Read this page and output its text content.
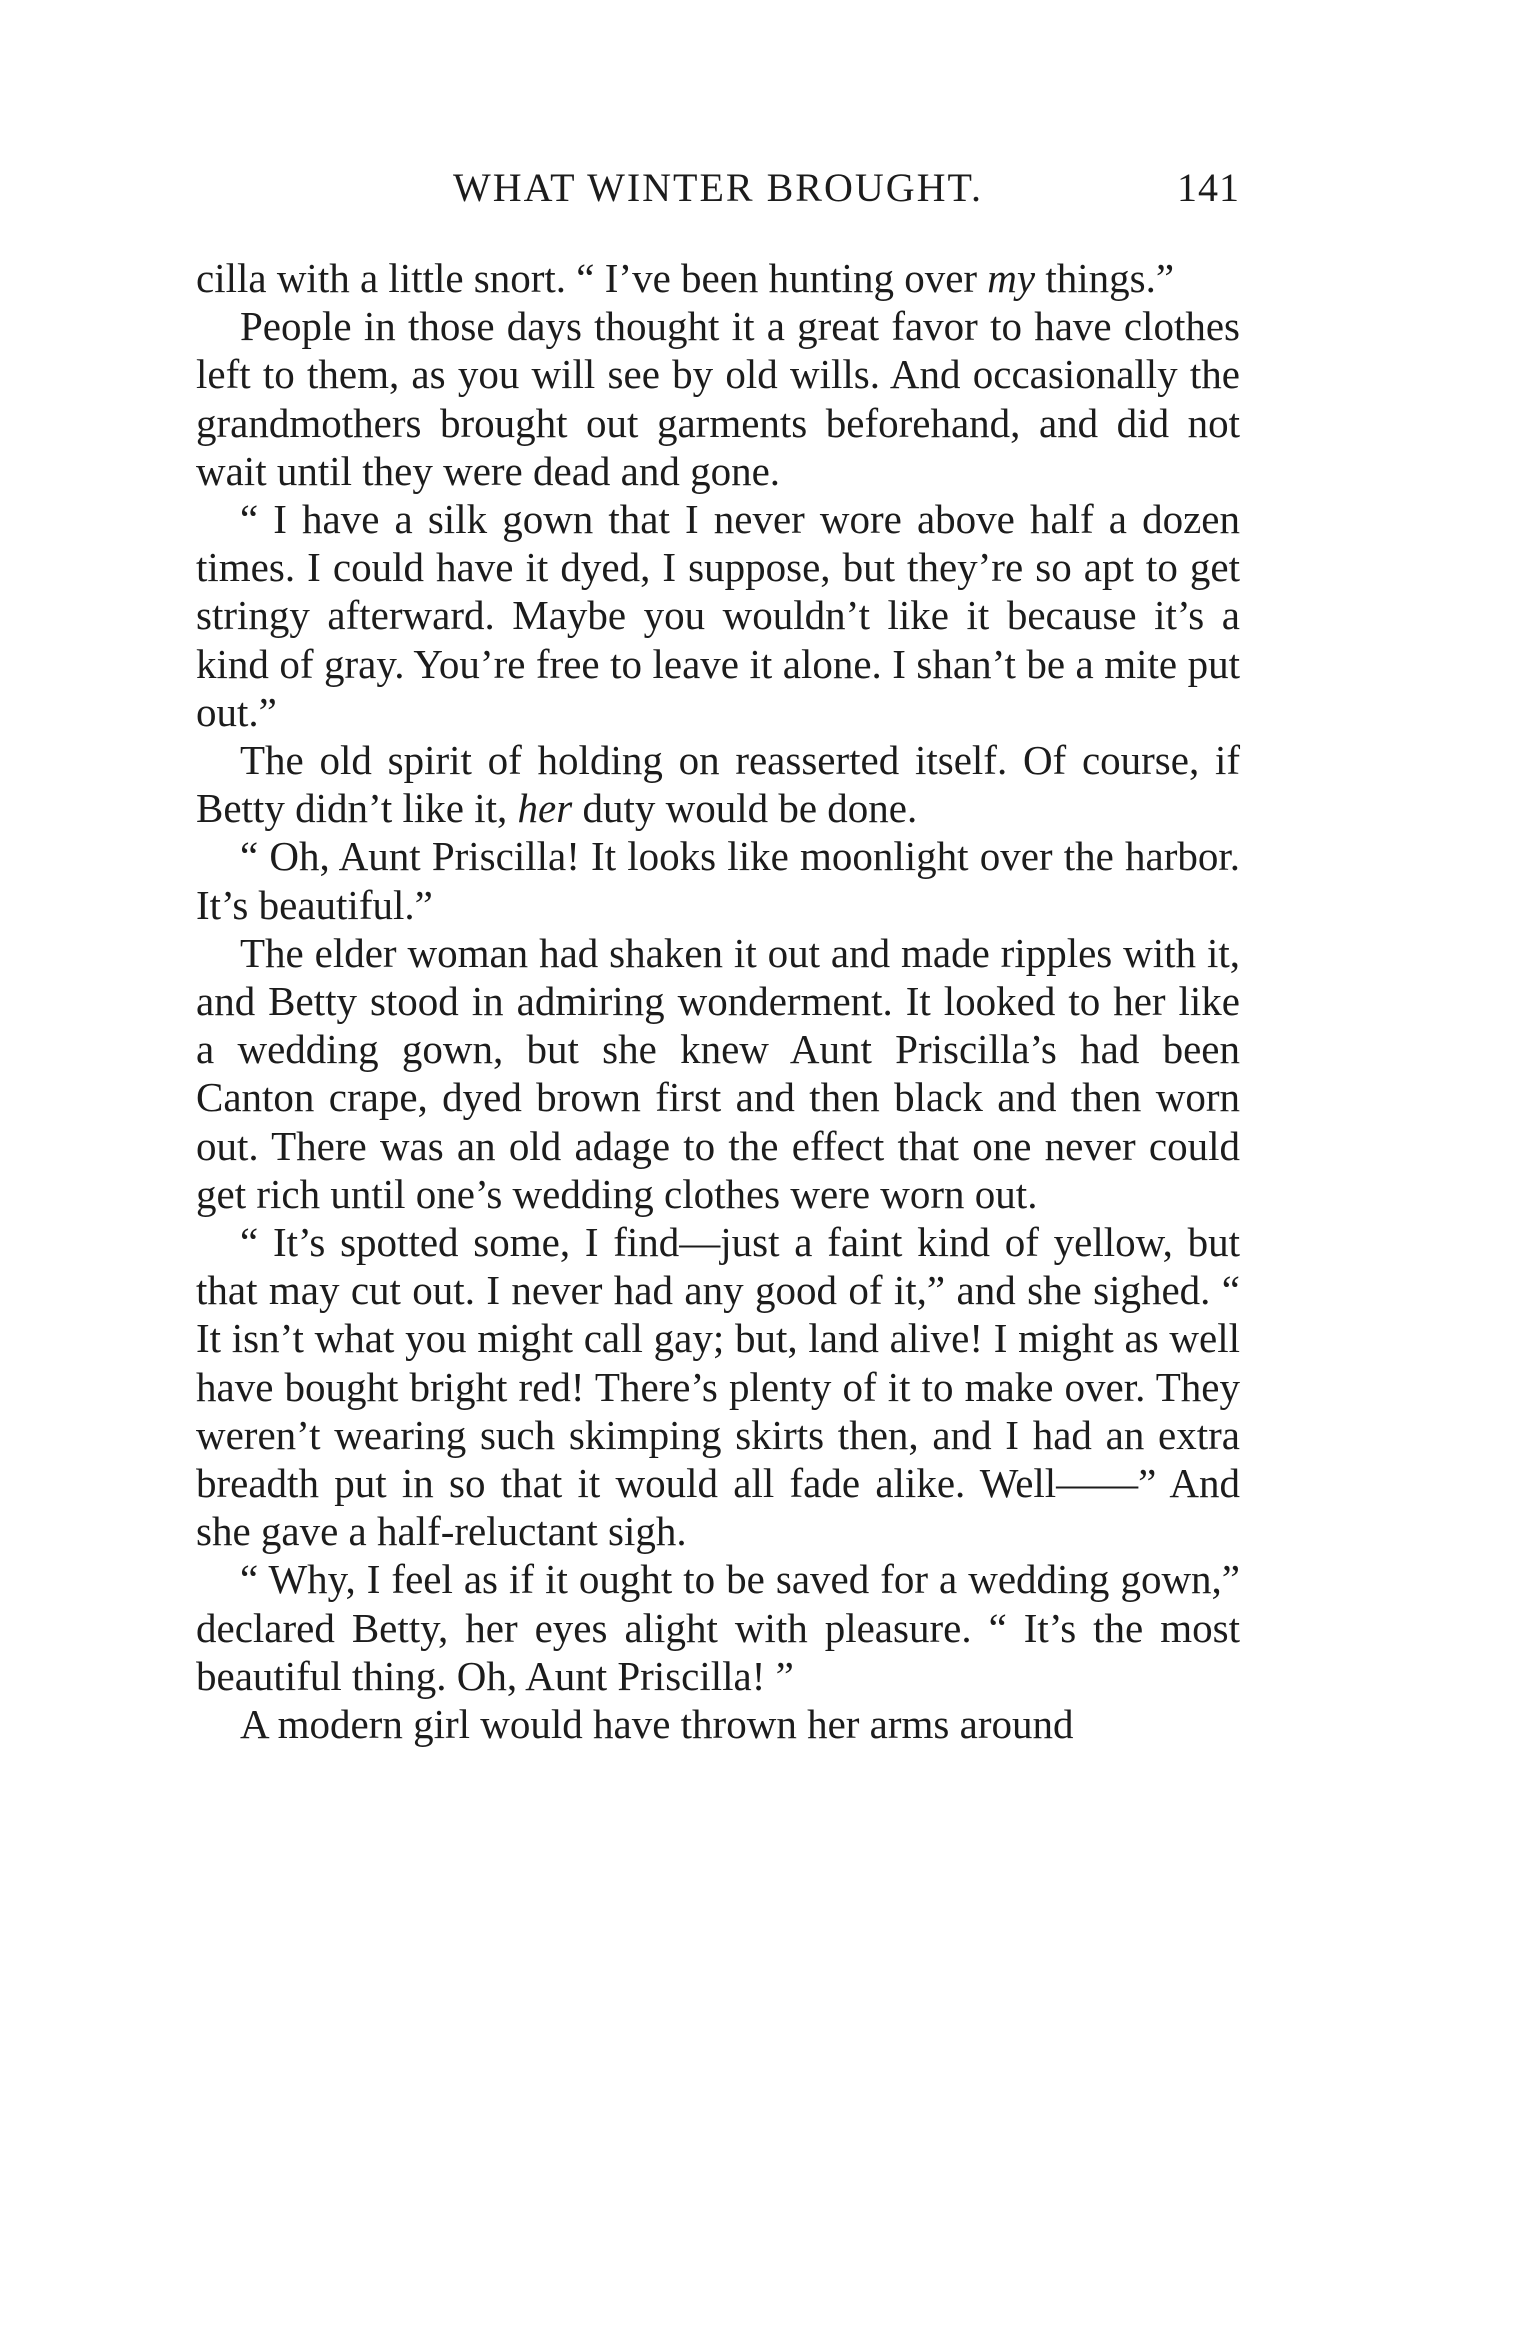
WHAT WINTER BROUGHT.	141

cilla with a little snort. “ I’ve been hunting over my things.”

People in those days thought it a great favor to have clothes left to them, as you will see by old wills. And occasionally the grandmothers brought out garments beforehand, and did not wait until they were dead and gone.

“ I have a silk gown that I never wore above half a dozen times. I could have it dyed, I suppose, but they’re so apt to get stringy afterward. Maybe you wouldn’t like it because it’s a kind of gray. You’re free to leave it alone. I shan’t be a mite put out.”

The old spirit of holding on reasserted itself. Of course, if Betty didn’t like it, her duty would be done.

“ Oh, Aunt Priscilla! It looks like moonlight over the harbor. It’s beautiful.”

The elder woman had shaken it out and made ripples with it, and Betty stood in admiring wonderment. It looked to her like a wedding gown, but she knew Aunt Priscilla’s had been Canton crape, dyed brown first and then black and then worn out. There was an old adage to the effect that one never could get rich until one’s wedding clothes were worn out.

“ It’s spotted some, I find—just a faint kind of yellow, but that may cut out. I never had any good of it,” and she sighed. “ It isn’t what you might call gay; but, land alive! I might as well have bought bright red! There’s plenty of it to make over. They weren’t wearing such skimping skirts then, and I had an extra breadth put in so that it would all fade alike. Well——” And she gave a half-reluctant sigh.

“ Why, I feel as if it ought to be saved for a wedding gown,” declared Betty, her eyes alight with pleasure. “ It’s the most beautiful thing. Oh, Aunt Priscilla! ”

A modern girl would have thrown her arms around
